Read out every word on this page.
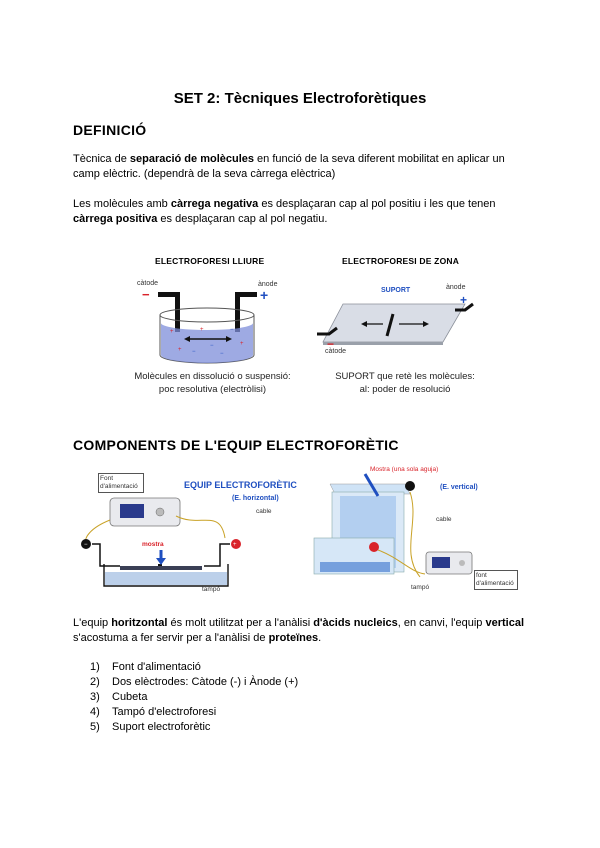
SET 2: Tècniques Electroforètiques
DEFINICIÓ
Tècnica de separació de molècules en funció de la seva diferent mobilitat en aplicar un camp elèctric. (dependrà de la seva càrrega elèctrica)
Les molècules amb càrrega negativa es desplaçaran cap al pol positiu i les que tenen càrrega positiva es desplaçaran cap al pol negatiu.
ELECTROFORESI LLIURE
càtode	ànode
−	+
+	+
+
+
−
−
−	−
Molècules en dissolució o suspensió:
poc resolutiva (electròlisi)
ELECTROFORESI DE ZONA
ànode
SUPORT
càtode
+
−
SUPORT que retè les molècules:
al: poder de resolució
COMPONENTS DE L'EQUIP ELECTROFORÈTIC
Font
d'alimentació	EQUIP ELECTROFORÈTIC
(E. horizontal)
cable
mostra
tampó
−	+
Mostra (una sola aguja)
(E. vertical)
cable
tampó
font
d'alimentació
L'equip horitzontal és molt utilitzat per a l'anàlisi d'àcids nucleics, en canvi, l'equip vertical s'acostuma a fer servir per a l'anàlisi de proteïnes.
1)	Font d'alimentació
2)	Dos elèctrodes: Càtode (-) i Ànode (+)
3)	Cubeta
4)	Tampó d'electroforesi
5)	Suport electroforètic
